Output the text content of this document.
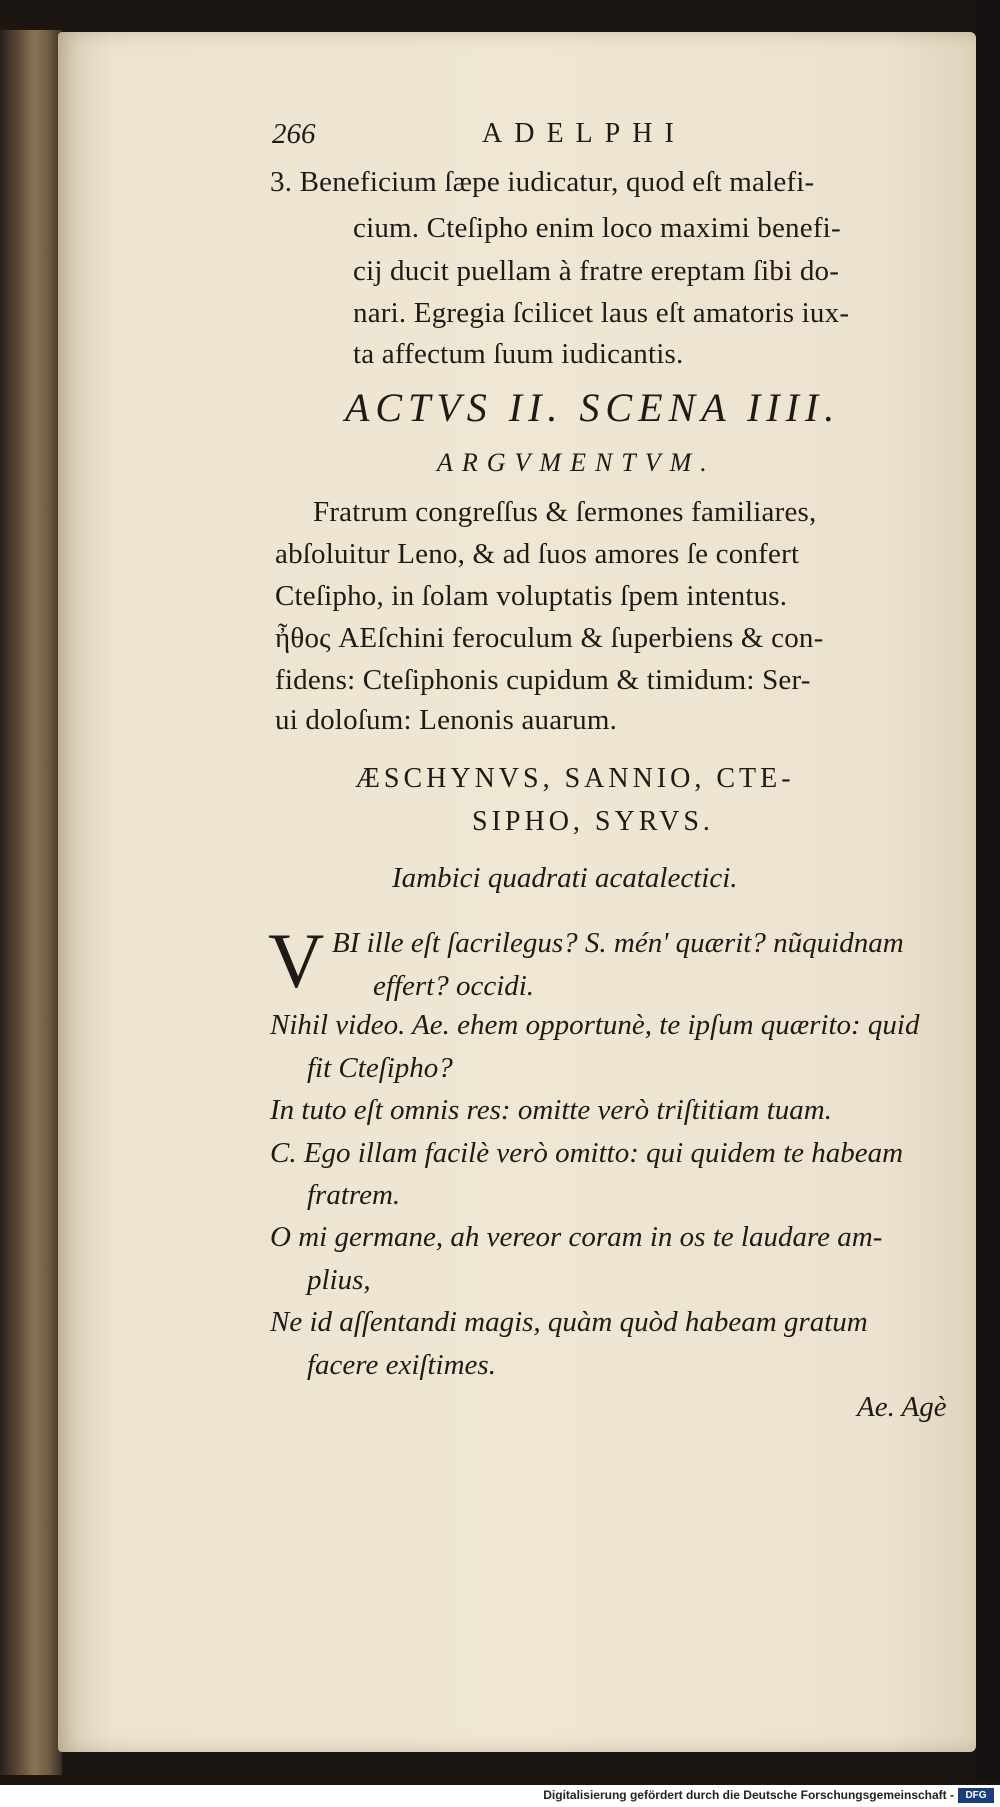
266	ADELPHI
3. Beneficium ſæpe iudicatur, quod eſt malefi-
cium. Cteſipho enim loco maximi benefi-
cij ducit puellam à fratre ereptam ſibi do-
nari. Egregia ſcilicet laus eſt amatoris iux-
ta affectum ſuum iudicantis.
ACTVS II. SCENA IIII.
ARGVMENTVM.
Fratrum congreſſus & ſermones familiares,
abſoluitur Leno, & ad ſuos amores ſe confert
Cteſipho, in ſolam voluptatis ſpem intentus.
ἦθος AEſchini feroculum & ſuperbiens & con-
fidens: Cteſiphonis cupidum & timidum: Ser-
ui doloſum: Lenonis auarum.
ÆSCHYNVS, SANNIO, CTE-
SIPHO, SYRVS.
Iambici quadrati acatalectici.
V BI ille eſt ſacrilegus? S. mén' quærit? nũquidnam
effert? occidi.
Nihil video. Ae. ehem opportunè, te ipſum quærito: quid
fit Cteſipho?
In tuto eſt omnis res: omitte verò triſtitiam tuam.
C. Ego illam facilè verò omitto: qui quidem te habeam
fratrem.
O mi germane, ah vereor coram in os te laudare am-
plius,
Ne id aſſentandi magis, quàm quòd habeam gratum
facere exiſtimes.
Ae. Agè
Digitalisierung gefördert durch die Deutsche Forschungsgemeinschaft -	DFG
